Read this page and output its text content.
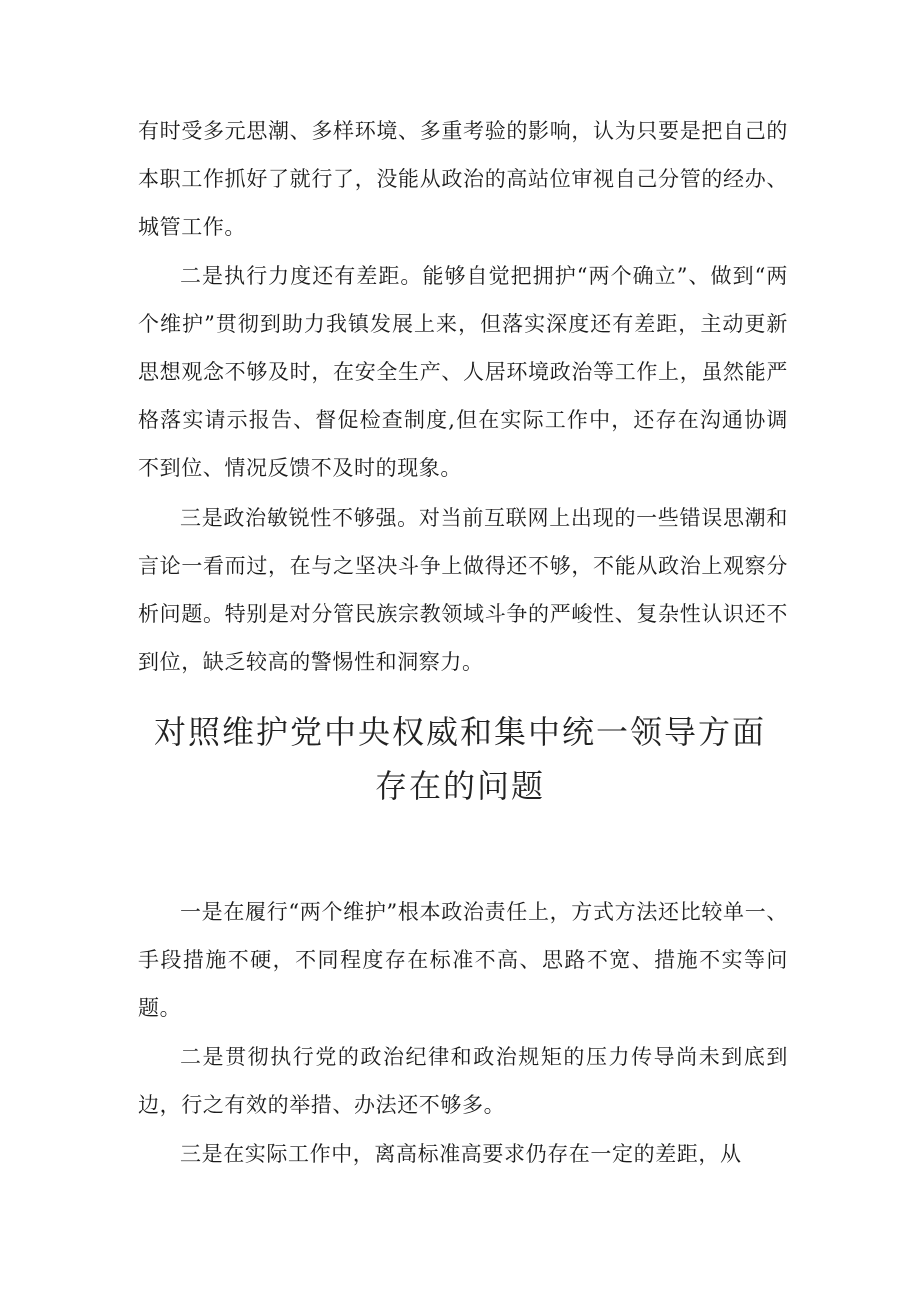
有时受多元思潮、多样环境、多重考验的影响，认为只要是把自己的本职工作抓好了就行了，没能从政治的高站位审视自己分管的经办、城管工作。

二是执行力度还有差距。能够自觉把拥护“两个确立”、做到“两个维护”贯彻到助力我镇发展上来，但落实深度还有差距，主动更新思想观念不够及时，在安全生产、人居环境政治等工作上，虽然能严格落实请示报告、督促检查制度,但在实际工作中，还存在沟通协调不到位、情况反馈不及时的现象。

三是政治敏锐性不够强。对当前互联网上出现的一些错误思潮和言论一看而过，在与之坚决斗争上做得还不够，不能从政治上观察分析问题。特别是对分管民族宗教领域斗争的严峻性、复杂性认识还不到位，缺乏较高的警惕性和洞察力。

对照维护党中央权威和集中统一领导方面
存在的问题

一是在履行“两个维护”根本政治责任上，方式方法还比较单一、手段措施不硬，不同程度存在标准不高、思路不宽、措施不实等问题。

二是贯彻执行党的政治纪律和政治规矩的压力传导尚未到底到边，行之有效的举措、办法还不够多。

三是在实际工作中，离高标准高要求仍存在一定的差距，从
